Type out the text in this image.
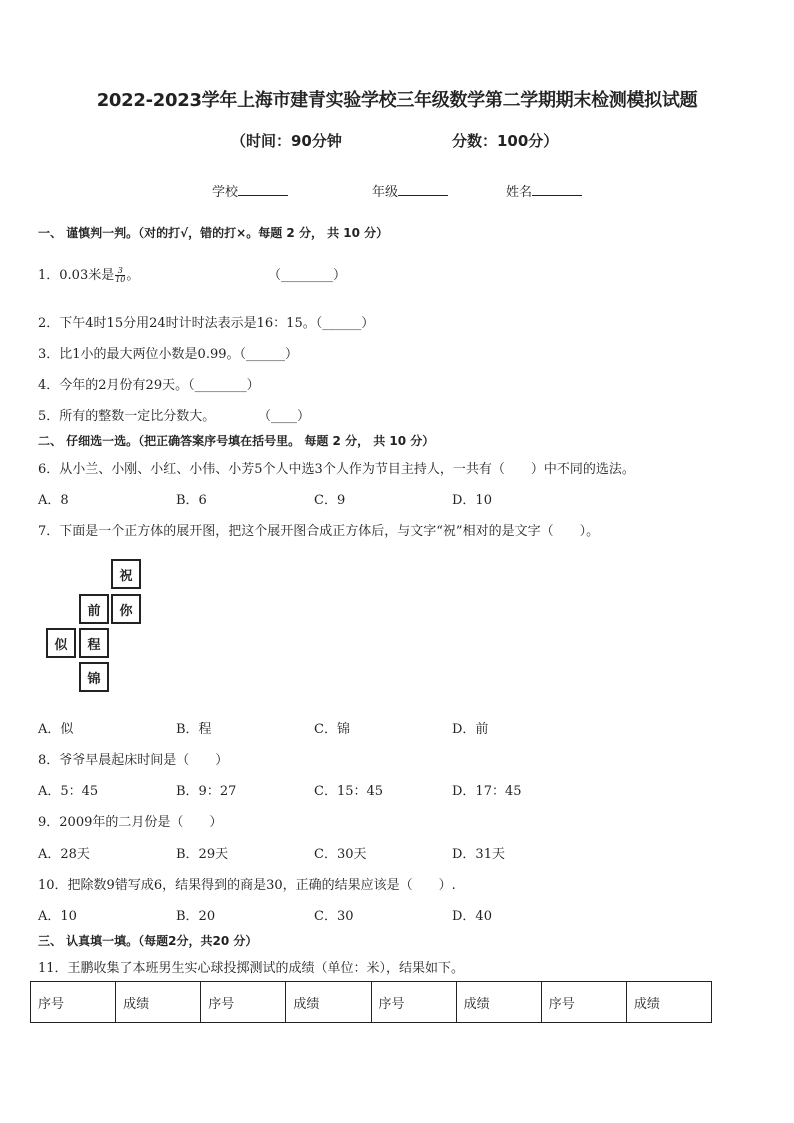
2022-2023学年上海市建青实验学校三年级数学第二学期期末检测模拟试题
（时间：90分钟	分数：100分）
学校	年级	姓名
一、 谨慎判一判。（对的打√，错的打×。每题 2 分， 共 10 分）
1．0.03米是 $\frac{3}{10}$ 。	（________）
2．下午4时15分用24时计时法表示是16：15。（______）
3．比1小的最大两位小数是0.99。（______）
4．今年的2月份有29天。（________）
5．所有的整数一定比分数大。	（____）
二、 仔细选一选。（把正确答案序号填在括号里。 每题 2 分， 共 10 分）
6．从小兰、小刚、小红、小伟、小芳5个人中选3个人作为节目主持人，一共有（　　）中不同的选法。
A．8	B．6	C．9	D．10
7．下面是一个正方体的展开图，把这个展开图合成正方体后，与文字“祝”相对的是文字（　　）。
祝
前	你
似	程
锦
A．似	B．程	C．锦	D．前
8．爷爷早晨起床时间是（　　）
A．5：45	B．9：27	C．15：45	D．17：45
9．2009年的二月份是（　　）
A．28天	B．29天	C．30天	D．31天
10．把除数9错写成6，结果得到的商是30，正确的结果应该是（　　）.
A．10	B．20	C．30	D．40
三、 认真填一填。（每题2分，共20 分）
11．王鹏收集了本班男生实心球投掷测试的成绩（单位：米），结果如下。
序号	成绩	序号	成绩	序号	成绩	序号	成绩
